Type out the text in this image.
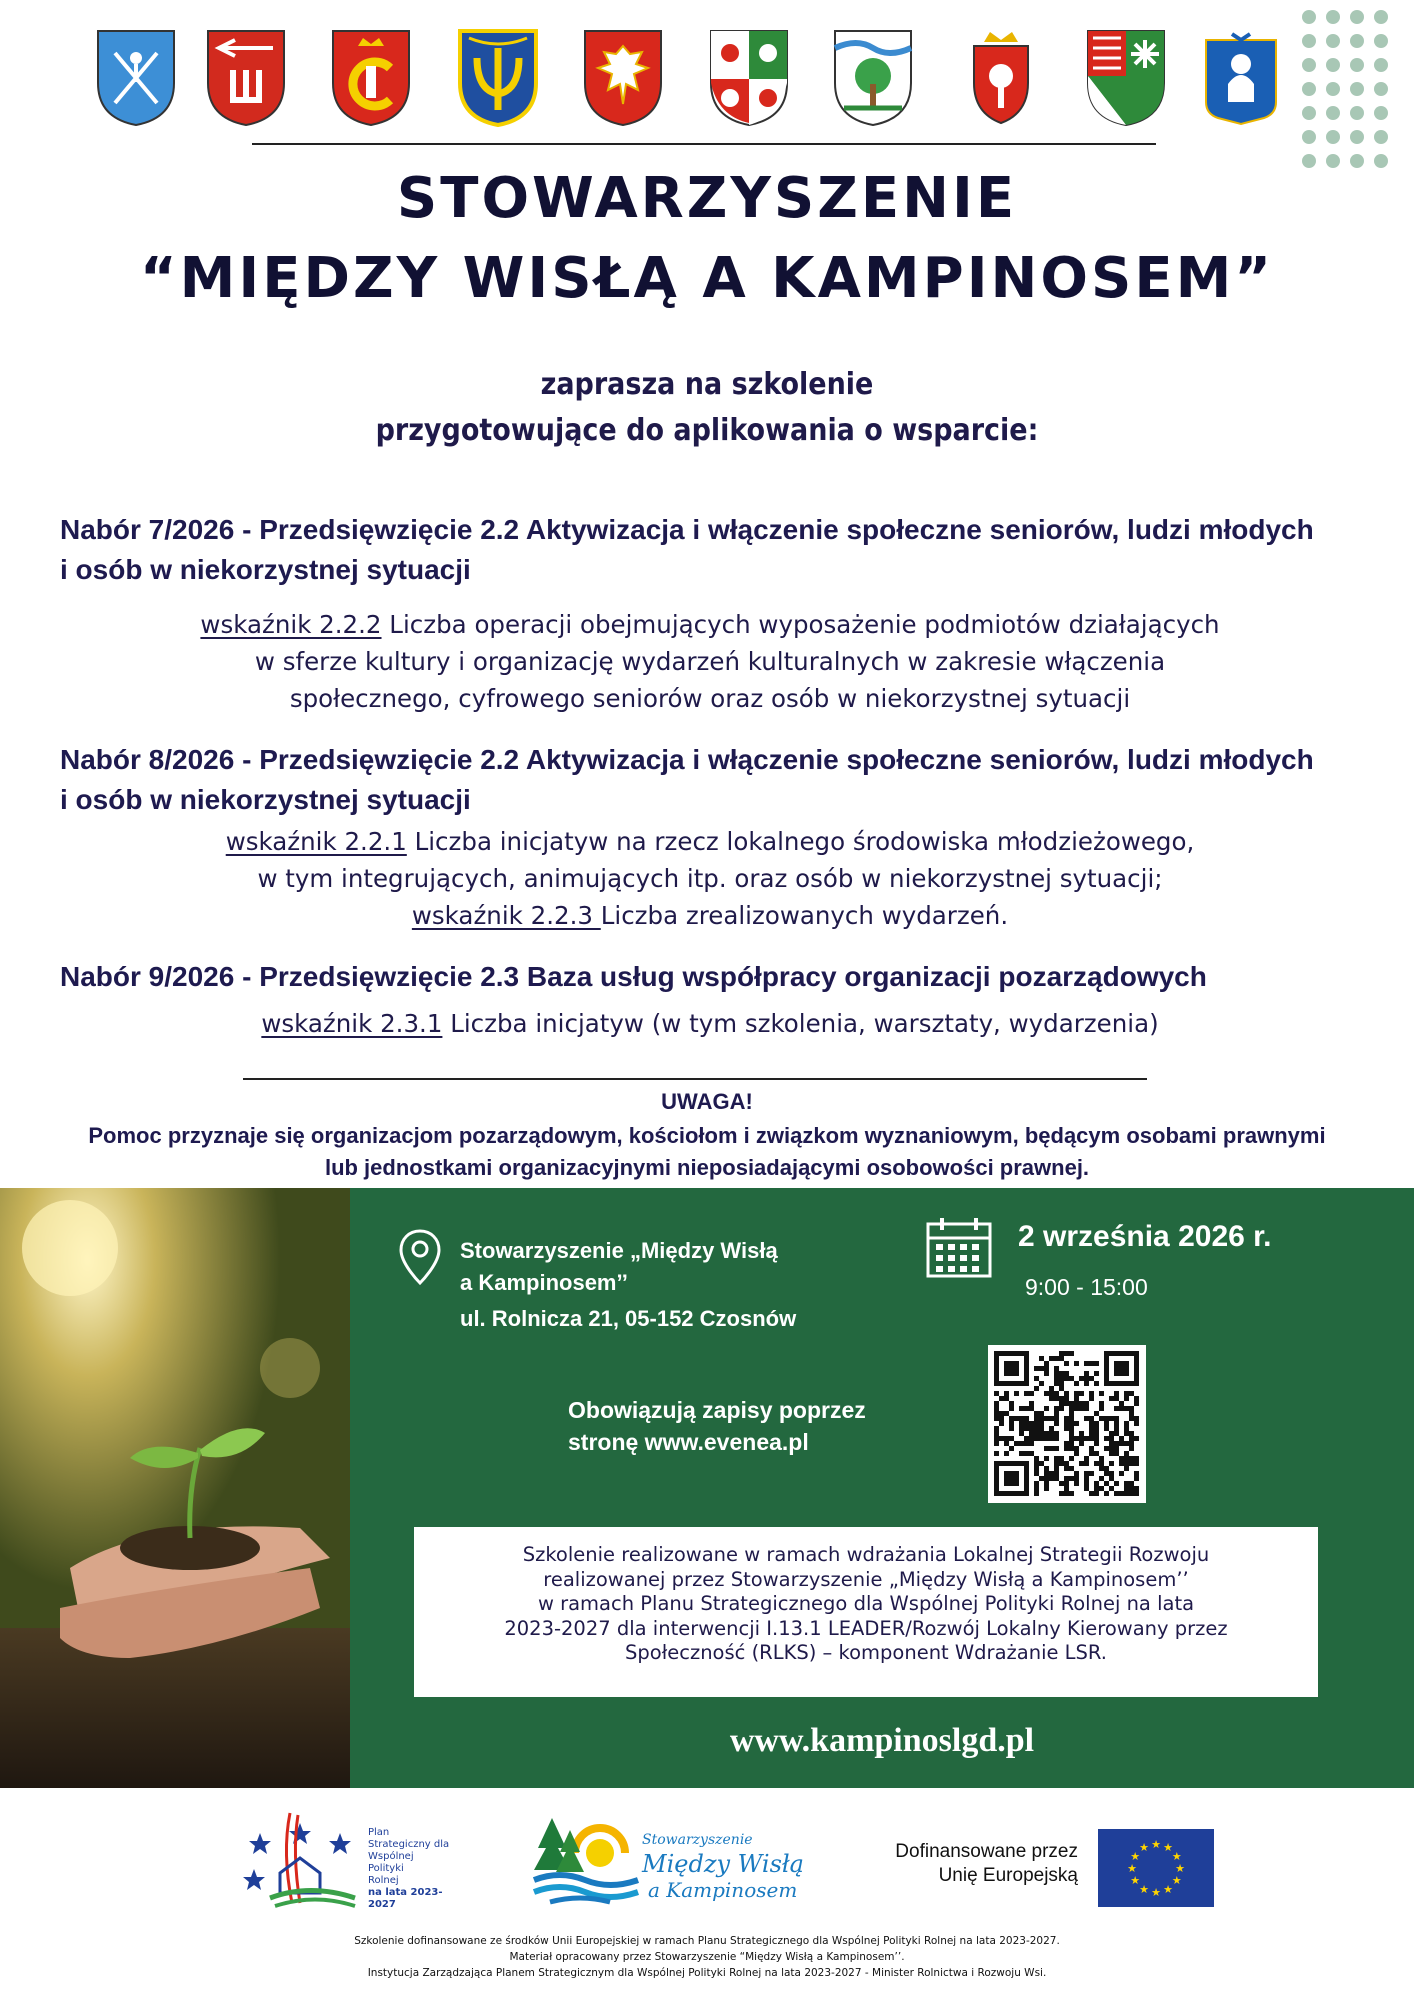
STOWARZYSZENIE
“MIĘDZY WISŁĄ A KAMPINOSEM”
zaprasza na szkolenie
przygotowujące do aplikowania o wsparcie:
Nabór 7/2026 - Przedsięwzięcie 2.2 Aktywizacja i włączenie społeczne seniorów, ludzi młodych
i osób w niekorzystnej sytuacji
wskaźnik 2.2.2 Liczba operacji obejmujących wyposażenie podmiotów działających
w sferze kultury i organizację wydarzeń kulturalnych w zakresie włączenia
społecznego, cyfrowego seniorów oraz osób w niekorzystnej sytuacji
Nabór 8/2026 - Przedsięwzięcie 2.2 Aktywizacja i włączenie społeczne seniorów, ludzi młodych
i osób w niekorzystnej sytuacji
wskaźnik 2.2.1 Liczba inicjatyw na rzecz lokalnego środowiska młodzieżowego,
w tym integrujących, animujących itp. oraz osób w niekorzystnej sytuacji;
wskaźnik 2.2.3 Liczba zrealizowanych wydarzeń.
Nabór 9/2026 - Przedsięwzięcie 2.3 Baza usług współpracy organizacji pozarządowych
wskaźnik 2.3.1 Liczba inicjatyw (w tym szkolenia, warsztaty, wydarzenia)
UWAGA!
Pomoc przyznaje się organizacjom pozarządowym, kościołom i związkom wyznaniowym, będącym osobami prawnymi
lub jednostkami organizacyjnymi nieposiadającymi osobowości prawnej.
Stowarzyszenie „Między Wisłą
a Kampinosem’’
ul. Rolnicza 21, 05-152 Czosnów
2 września 2026 r.
9:00 - 15:00
Obowiązują zapisy poprzez
stronę www.evenea.pl
Szkolenie realizowane w ramach wdrażania Lokalnej Strategii Rozwoju
realizowanej przez Stowarzyszenie „Między Wisłą a Kampinosem’’
w ramach Planu Strategicznego dla Wspólnej Polityki Rolnej na lata
2023-2027 dla interwencji I.13.1 LEADER/Rozwój Lokalny Kierowany przez
Społeczność (RLKS) – komponent Wdrażanie LSR.
www.kampinoslgd.pl
Plan
Strategiczny dla
Wspólnej
Polityki
Rolnej
na lata 2023-2027
Stowarzyszenie
Między Wisłą
a Kampinosem
Dofinansowane przez
Unię Europejską
★ ★
★
★
★
★
★
★
★
★
★
★
Szkolenie dofinansowane ze środków Unii Europejskiej w ramach Planu Strategicznego dla Wspólnej Polityki Rolnej na lata 2023-2027.
Materiał opracowany przez Stowarzyszenie “Między Wisłą a Kampinosem’’.
Instytucja Zarządzająca Planem Strategicznym dla Wspólnej Polityki Rolnej na lata 2023-2027 - Minister Rolnictwa i Rozwoju Wsi.
